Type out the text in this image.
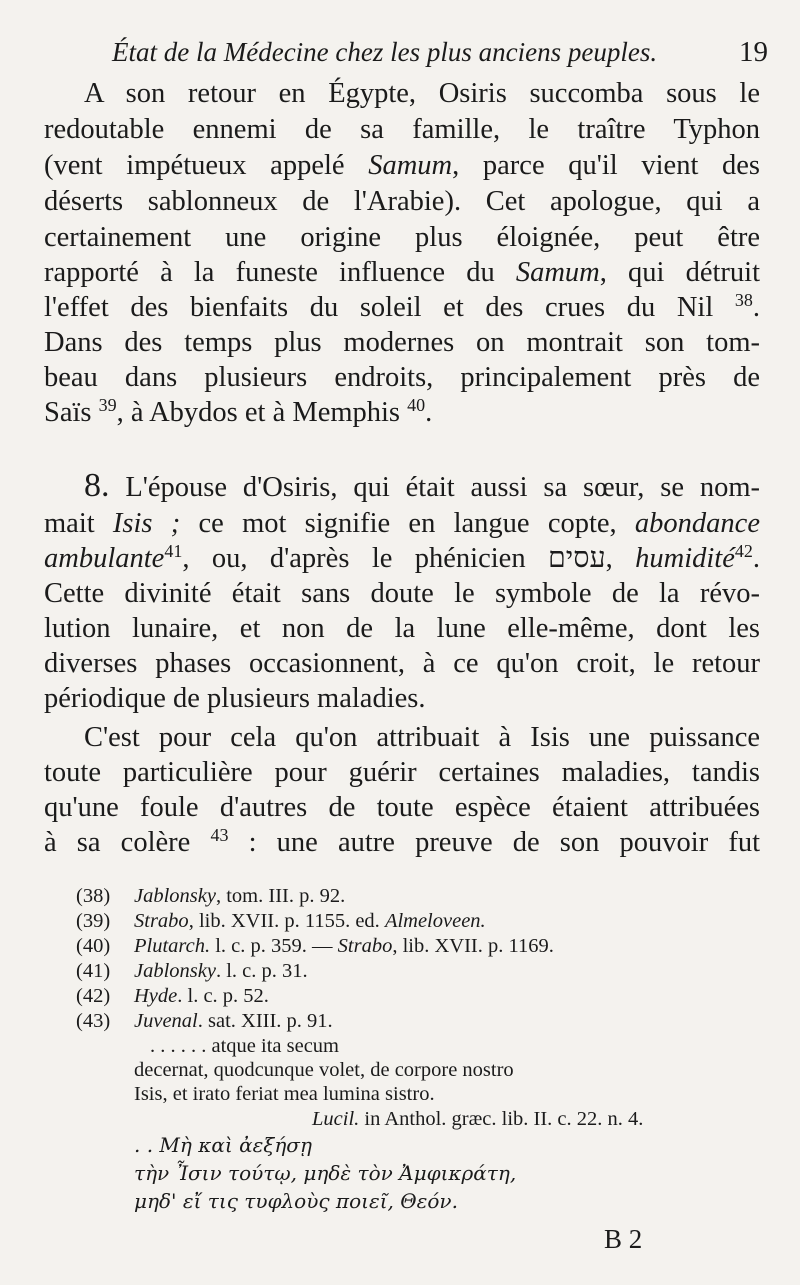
État de la Médecine chez les plus anciens peuples.	19
A son retour en Égypte, Osiris succomba sous le
redoutable ennemi de sa famille, le traître Typhon
(vent impétueux appelé Samum, parce qu'il vient des
déserts sablonneux de l'Arabie). Cet apologue, qui a
certainement une origine plus éloignée, peut être
rapporté à la funeste influence du Samum, qui détruit
l'effet des bienfaits du soleil et des crues du Nil $^{38}$.
Dans des temps plus modernes on montrait son tom-
beau dans plusieurs endroits, principalement près de
Saïs $^{39}$, à Abydos et à Memphis $^{40}$.
8. L'épouse d'Osiris, qui était aussi sa sœur, se nom-
mait Isis ; ce mot signifie en langue copte, abondance
ambulante$^{41}$, ou, d'après le phénicien עסים, humidité$^{42}$.
Cette divinité était sans doute le symbole de la révo-
lution lunaire, et non de la lune elle-même, dont les
diverses phases occasionnent, à ce qu'on croit, le retour
périodique de plusieurs maladies.
C'est pour cela qu'on attribuait à Isis une puissance
toute particulière pour guérir certaines maladies, tandis
qu'une foule d'autres de toute espèce étaient attribuées
à sa colère $^{43}$ : une autre preuve de son pouvoir fut
(38) Jablonsky, tom. III. p. 92.
(39) Strabo, lib. XVII. p. 1155. ed. Almeloveen.
(40) Plutarch. l. c. p. 359. — Strabo, lib. XVII. p. 1169.
(41) Jablonsky. l. c. p. 31.
(42) Hyde. l. c. p. 52.
(43) Juvenal. sat. XIII. p. 91.
. . . . . . atque ita secum
decernat, quodcunque volet, de corpore nostro
Isis, et irato feriat mea lumina sistro.
Lucil. in Anthol. græc. lib. II. c. 22. n. 4.
. . Μὴ καὶ ἀεξήσῃ
τὴν Ἶσιν τούτῳ, μηδὲ τὸν Ἀμφικράτη,
μηδ' εἴ τις τυφλοὺς ποιεῖ, Θεόν.
B 2
